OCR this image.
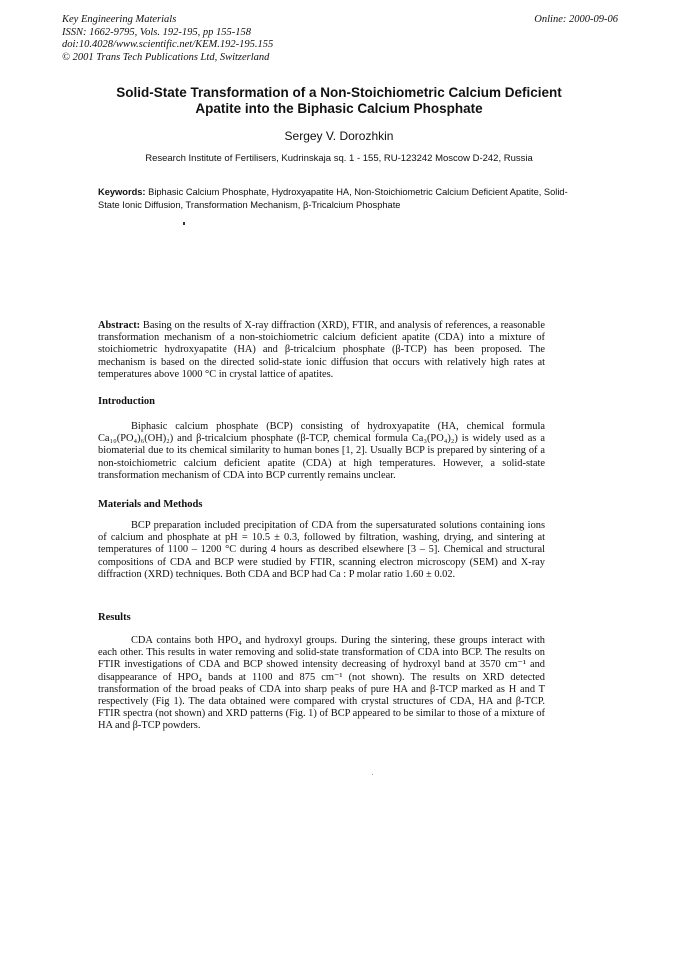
Key Engineering Materials
ISSN: 1662-9795, Vols. 192-195, pp 155-158
doi:10.4028/www.scientific.net/KEM.192-195.155
© 2001 Trans Tech Publications Ltd, Switzerland
Online: 2000-09-06
Solid-State Transformation of a Non-Stoichiometric Calcium Deficient
Apatite into the Biphasic Calcium Phosphate
Sergey V. Dorozhkin
Research Institute of Fertilisers, Kudrinskaja sq. 1 - 155, RU-123242 Moscow D-242, Russia
Keywords: Biphasic Calcium Phosphate, Hydroxyapatite HA, Non-Stoichiometric Calcium Deficient Apatite, Solid-State Ionic Diffusion, Transformation Mechanism, β-Tricalcium Phosphate
Abstract: Basing on the results of X-ray diffraction (XRD), FTIR, and analysis of references, a reasonable transformation mechanism of a non-stoichiometric calcium deficient apatite (CDA) into a mixture of stoichiometric hydroxyapatite (HA) and β-tricalcium phosphate (β-TCP) has been proposed. The mechanism is based on the directed solid-state ionic diffusion that occurs with relatively high rates at temperatures above 1000 °C in crystal lattice of apatites.
Introduction
Biphasic calcium phosphate (BCP) consisting of hydroxyapatite (HA, chemical formula Ca₁₀(PO₄)₆(OH)₂) and β-tricalcium phosphate (β-TCP, chemical formula Ca₃(PO₄)₂) is widely used as a biomaterial due to its chemical similarity to human bones [1, 2]. Usually BCP is prepared by sintering of a non-stoichiometric calcium deficient apatite (CDA) at high temperatures. However, a solid-state transformation mechanism of CDA into BCP currently remains unclear.
Materials and Methods
BCP preparation included precipitation of CDA from the supersaturated solutions containing ions of calcium and phosphate at pH = 10.5 ± 0.3, followed by filtration, washing, drying, and sintering at temperatures of 1100 – 1200 °C during 4 hours as described elsewhere [3 – 5]. Chemical and structural compositions of CDA and BCP were studied by FTIR, scanning electron microscopy (SEM) and X-ray diffraction (XRD) techniques. Both CDA and BCP had Ca : P molar ratio 1.60 ± 0.02.
Results
CDA contains both HPO₄ and hydroxyl groups. During the sintering, these groups interact with each other. This results in water removing and solid-state transformation of CDA into BCP. The results on FTIR investigations of CDA and BCP showed intensity decreasing of hydroxyl band at 3570 cm⁻¹ and disappearance of HPO₄ bands at 1100 and 875 cm⁻¹ (not shown). The results on XRD detected transformation of the broad peaks of CDA into sharp peaks of pure HA and β-TCP marked as H and T respectively (Fig 1). The data obtained were compared with crystal structures of CDA, HA and β-TCP. FTIR spectra (not shown) and XRD patterns (Fig. 1) of BCP appeared to be similar to those of a mixture of HA and β-TCP powders.
